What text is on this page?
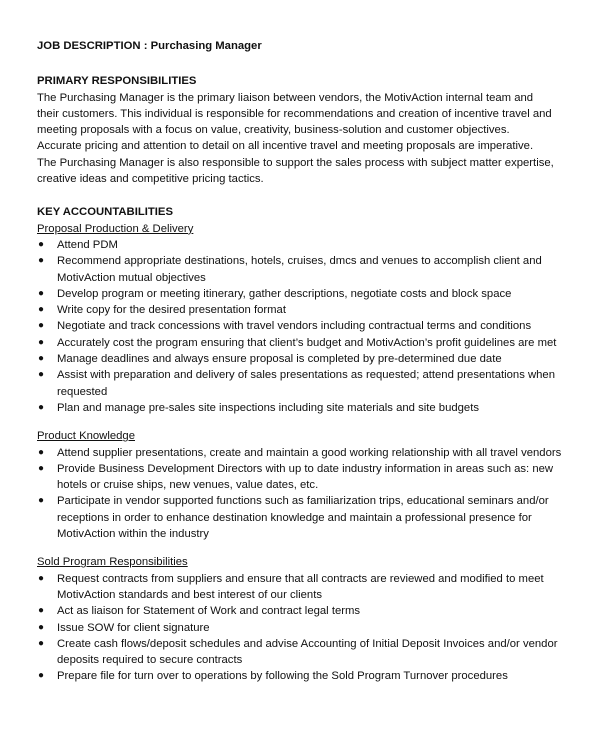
JOB DESCRIPTION : Purchasing Manager
PRIMARY RESPONSIBILITIES

The Purchasing Manager is the primary liaison between vendors, the MotivAction internal team and

their customers. This individual is responsible for recommendations and creation of incentive travel and

meeting proposals with a focus on value, creativity, business-solution and customer objectives.

Accurate pricing and attention to detail on all incentive travel and meeting proposals are imperative.

The Purchasing Manager is also responsible to support the sales process with subject matter expertise,

creative ideas and competitive pricing tactics.

KEY ACCOUNTABILITIES
Proposal Production & Delivery
● Attend PDM
● Recommend appropriate destinations, hotels, cruises, dmcs and venues to accomplish client and MotivAction mutual objectives
● Develop program or meeting itinerary, gather descriptions, negotiate costs and block space
● Write copy for the desired presentation format
● Negotiate and track concessions with travel vendors including contractual terms and conditions
● Accurately cost the program ensuring that client’s budget and MotivAction’s profit guidelines are met
● Manage deadlines and always ensure proposal is completed by pre-determined due date
● Assist with preparation and delivery of sales presentations as requested; attend presentations when requested
● Plan and manage pre-sales site inspections including site materials and site budgets
Product Knowledge
● Attend supplier presentations, create and maintain a good working relationship with all travel vendors
● Provide Business Development Directors with up to date industry information in areas such as: new hotels or cruise ships, new venues, value dates, etc.
● Participate in vendor supported functions such as familiarization trips, educational seminars and/or receptions in order to enhance destination knowledge and maintain a professional presence for MotivAction within the industry
Sold Program Responsibilities
● Request contracts from suppliers and ensure that all contracts are reviewed and modified to meet MotivAction standards and best interest of our clients
● Act as liaison for Statement of Work and contract legal terms
● Issue SOW for client signature
● Create cash flows/deposit schedules and advise Accounting of Initial Deposit Invoices and/or vendor deposits required to secure contracts
● Prepare file for turn over to operations by following the Sold Program Turnover procedures
